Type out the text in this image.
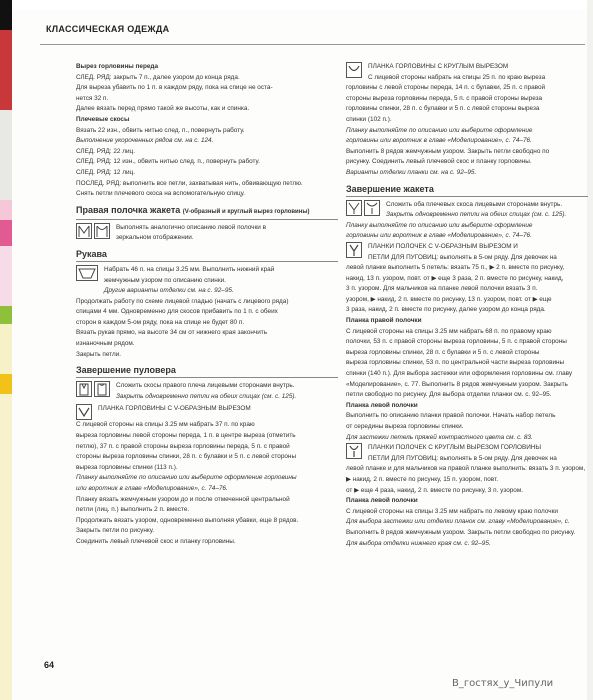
КЛАССИЧЕСКАЯ ОДЕЖДА

Вырез горловины переда

СЛЕД. РЯД: закрыть 7 п., далее узором до конца ряда.

Для выреза убавить по 1 п. в каждом ряду, пока на спице не оста-

нется 32 п.

Далее вязать перед прямо такой же высоты, как и спинка.

Плечевые скосы

Вязать 22 изн., обвить нитью след. п., повернуть работу.

Выполнение укороченных рядов см. на с. 124.

СЛЕД. РЯД: 22 лиц.

СЛЕД. РЯД: 12 изн., обвить нитью след. п., повернуть работу.

СЛЕД. РЯД: 12 лиц.

ПОСЛЕД. РЯД: выполнить все петли, захватывая нить, обвивающую петлю.

Снять петли плечевого скоса на вспомогательную спицу.

Правая полочка жакета (V-образный и круглый вырез горловины)

Выполнять аналогично описанию левой полочки в

зеркальном отображении.

Рукава

Набрать 46 п. на спицы 3.25 мм. Выполнить нижний край

жемчужным узором по описанию спинки.

Другие варианты отделки см. на с. 92–95.

Продолжать работу по схеме лицевой гладью (начать с лицевого ряда)

спицами 4 мм. Одновременно для скосов прибавить по 1 п. с обеих

сторон в каждом 5-ом ряду, пока на спице не будет 80 п.

Вязать рукав прямо, на высоте 34 см от нижнего края закончить

изнаночным рядом.

Закрыть петли.

Завершение пуловера

Сложить скосы правого плеча лицевыми сторонами внутрь.

Закрыть одновременно петли на обеих спицах (см. с. 125).

ПЛАНКА ГОРЛОВИНЫ С V-ОБРАЗНЫМ ВЫРЕЗОМ

С лицевой стороны на спицы 3.25 мм набрать 37 п. по краю

выреза горловины левой стороны переда, 1 п. в центре выреза (отметить

петлю), 37 п. с правой стороны выреза горловины переда, 5 п. с правой

стороны выреза горловины спинки, 28 п. с булавки и 5 п. с левой стороны

выреза горловины спинки (113 п.).

Планку выполняйте по описанию или выберите оформление горловины

или воротник в главе «Моделирование», с. 74–76.

Планку вязать жемчужным узором до и после отмеченной центральной

петли (лиц. п.) выполнить 2 п. вместе.

Продолжать вязать узором, одновременно выполняя убавки, еще 8 рядов.

Закрыть петли по рисунку.

Соединить левый плечевой скос и планку горловины.

ПЛАНКА ГОРЛОВИНЫ С КРУГЛЫМ ВЫРЕЗОМ

С лицевой стороны набрать на спицы 25 п. по краю выреза

горловины с левой стороны переда, 14 п. с булавки, 25 п. с правой

стороны выреза горловины переда, 5 п. с правой стороны выреза

горловины спинки, 28 п. с булавки и 5 п. с левой стороны выреза

спинки (102 п.).

Планку выполняйте по описанию или выберите оформление

горловины или воротник в главе «Моделирование», с. 74–76.

Выполнить 8 рядов жемчужным узором. Закрыть петли свободно по

рисунку. Соединить левый плечевой скос и планку горловины.

Варианты отделки планки см. на с. 92–95.

Завершение жакета

Сложить оба плечевых скоса лицевыми сторонами внутрь.

Закрыть одновременно петли на обеих спицах (см. с. 125).

Планку выполняйте по описанию или выберите оформление

горловины или воротник в главе «Моделирование», с. 74–76.

ПЛАНКИ ПОЛОЧЕК С V-ОБРАЗНЫМ ВЫРЕЗОМ И

ПЕТЛИ ДЛЯ ПУГОВИЦ: выполнять в 5-ом ряду. Для девочек на

левой планке выполнить 5 петель: вязать 75 п., ▶ 2 п. вместе по рисунку,

накид, 13 п. узором, повт. от ▶ еще 3 раза, 2 п. вместе по рисунку, накид,

3 п. узором. Для мальчиков на планке левой полочки вязать 3 п.

узором, ▶ накид, 2 п. вместе по рисунку, 13 п. узором, повт. от ▶ еще

3 раза, накид, 2 п. вместе по рисунку, далее узором до конца ряда.

Планка правой полочки

С лицевой стороны на спицы 3.25 мм набрать 68 п. по правому краю

полочки, 53 п. с правой стороны выреза горловины, 5 п. с правой стороны

выреза горловины спинки, 28 п. с булавки и 5 п. с левой стороны

выреза горловины спинки, 53 п. по центральной части выреза горловины

спинки (140 п.). Для выбора застежки или оформления горловины см. главу

«Моделирование», с. 77. Выполнить 8 рядов жемчужным узором. Закрыть

петли свободно по рисунку. Для выбора отделки планки см. с. 92–95.

Планка левой полочки

Выполнить по описанию планки правой полочки. Начать набор петель

от середины выреза горловины спинки.

Для застежки петель пряжей контрастного цвета см. с. 83.

ПЛАНКИ ПОЛОЧЕК С КРУГЛЫМ ВЫРЕЗОМ ГОРЛОВИНЫ

ПЕТЛИ ДЛЯ ПУГОВИЦ: выполнять в 5-ом ряду. Для девочек на

левой планке и для мальчиков на правой планке выполнить: вязать 3 п. узором, ▶ накид, 2 п. вместе по рисунку, 15 п. узором, повт.

от ▶ еще 4 раза, накид, 2 п. вместе по рисунку, 3 п. узором.

Планка левой полочки

С лицевой стороны на спицы 3.25 мм набрать по левому краю полочки

Для выбора застежки или отделки планок см. главу «Моделирование», с.

Выполнить 8 рядов жемчужным узором. Закрыть петли свободно по рисунку.

Для выбора отделки нижнего края см. с. 92–95.

64
В_гостях_у_Чипули
